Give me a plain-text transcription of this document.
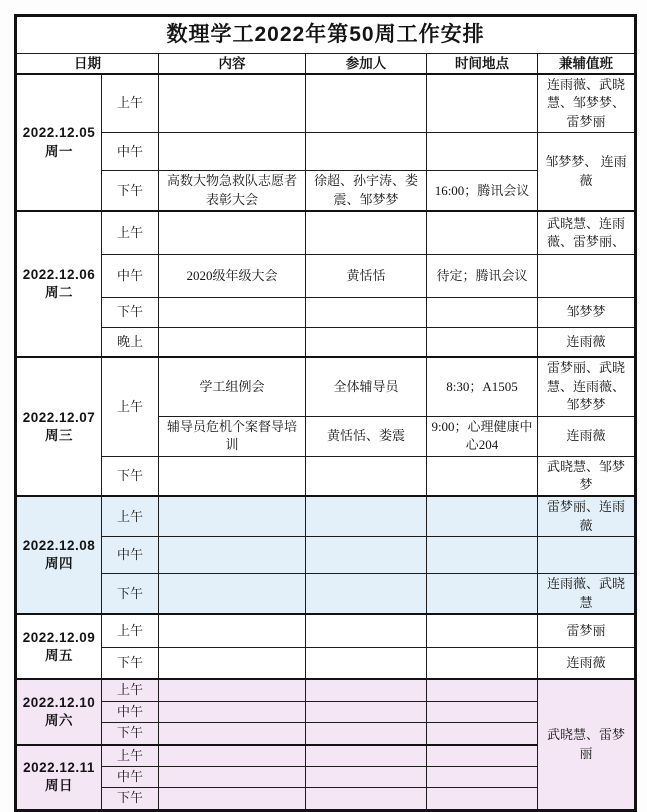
数理学工2022年第50周工作安排					
日期		内容	参加人	时间地点	兼辅值班

2022.12.05
周一	上午				连雨薇、武晓慧、邹梦梦、雷梦丽
	中午				邹梦梦、 连雨薇
	下午	高数大物急救队志愿者表彰大会	徐超、孙宇涛、娄震、邹梦梦	16:00；腾讯会议	

2022.12.06
周二	上午				武晓慧、连雨薇、雷梦丽、
	中午	2020级年级大会	黄恬恬	待定；腾讯会议	
	下午				邹梦梦
	晚上				连雨薇

2022.12.07
周三	上午	学工组例会	全体辅导员	8:30；A1505	雷梦丽、武晓慧、连雨薇、邹梦梦
		辅导员危机个案督导培训	黄恬恬、娄震	9:00；心理健康中心204	连雨薇
	下午				武晓慧、邹梦梦

2022.12.08
周四	上午				雷梦丽、连雨薇
	中午				
	下午				连雨薇、武晓慧

2022.12.09
周五	上午				雷梦丽
	下午				连雨薇

2022.12.10
周六	上午				武晓慧、雷梦丽
	中午				
	下午				

2022.12.11
周日	上午				
	中午				
	下午				
